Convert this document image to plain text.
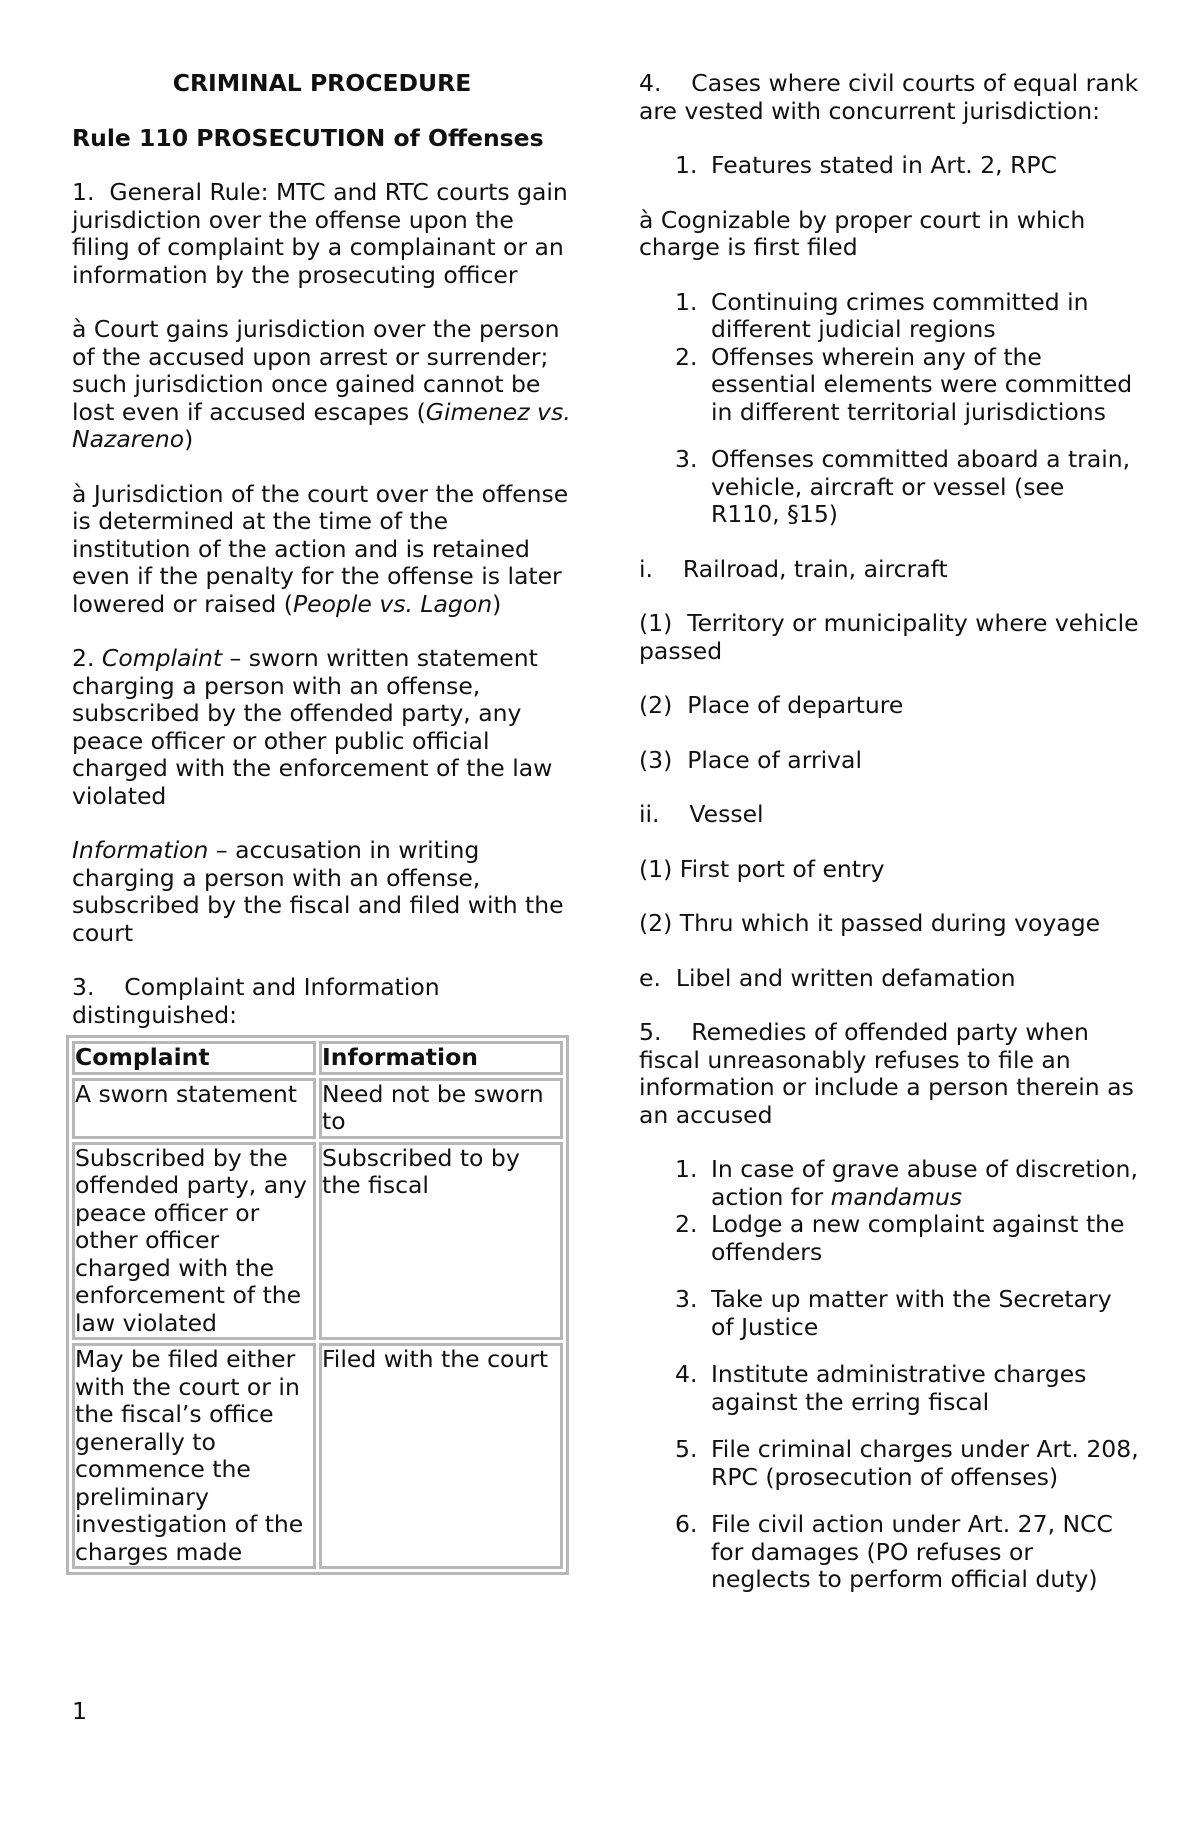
CRIMINAL PROCEDURE

Rule 110 PROSECUTION of Offenses

1. General Rule: MTC and RTC courts gain jurisdiction over the offense upon the filing of complaint by a complainant or an information by the prosecuting officer

à Court gains jurisdiction over the person of the accused upon arrest or surrender; such jurisdiction once gained cannot be lost even if accused escapes (Gimenez vs. Nazareno)

à Jurisdiction of the court over the offense is determined at the time of the institution of the action and is retained even if the penalty for the offense is later lowered or raised (People vs. Lagon)

2. Complaint – sworn written statement charging a person with an offense, subscribed by the offended party, any peace officer or other public official charged with the enforcement of the law violated

Information – accusation in writing charging a person with an offense, subscribed by the fiscal and filed with the court

3.    Complaint and Information distinguished:
Complaint	Information
A sworn statement	Need not be sworn to
Subscribed by the offended party, any peace officer or other officer charged with the enforcement of the law violated	Subscribed to by the fiscal
May be filed either with the court or in the fiscal’s office generally to commence the preliminary investigation of the charges made	Filed with the court

4.    Cases where civil courts of equal rank are vested with concurrent jurisdiction:

1. Features stated in Art. 2, RPC

à Cognizable by proper court in which charge is first filed

1. Continuing crimes committed in different judicial regions
2. Offenses wherein any of the essential elements were committed in different territorial jurisdictions
3. Offenses committed aboard a train, vehicle, aircraft or vessel (see R110, §15)

i.    Railroad, train, aircraft

(1)  Territory or municipality where vehicle passed

(2)  Place of departure

(3)  Place of arrival

ii.    Vessel

(1) First port of entry

(2) Thru which it passed during voyage

e.  Libel and written defamation

5.    Remedies of offended party when fiscal unreasonably refuses to file an information or include a person therein as an accused

1. In case of grave abuse of discretion, action for mandamus
2. Lodge a new complaint against the offenders
3. Take up matter with the Secretary of Justice
4. Institute administrative charges against the erring fiscal
5. File criminal charges under Art. 208, RPC (prosecution of offenses)
6. File civil action under Art. 27, NCC for damages (PO refuses or neglects to perform official duty)
1
